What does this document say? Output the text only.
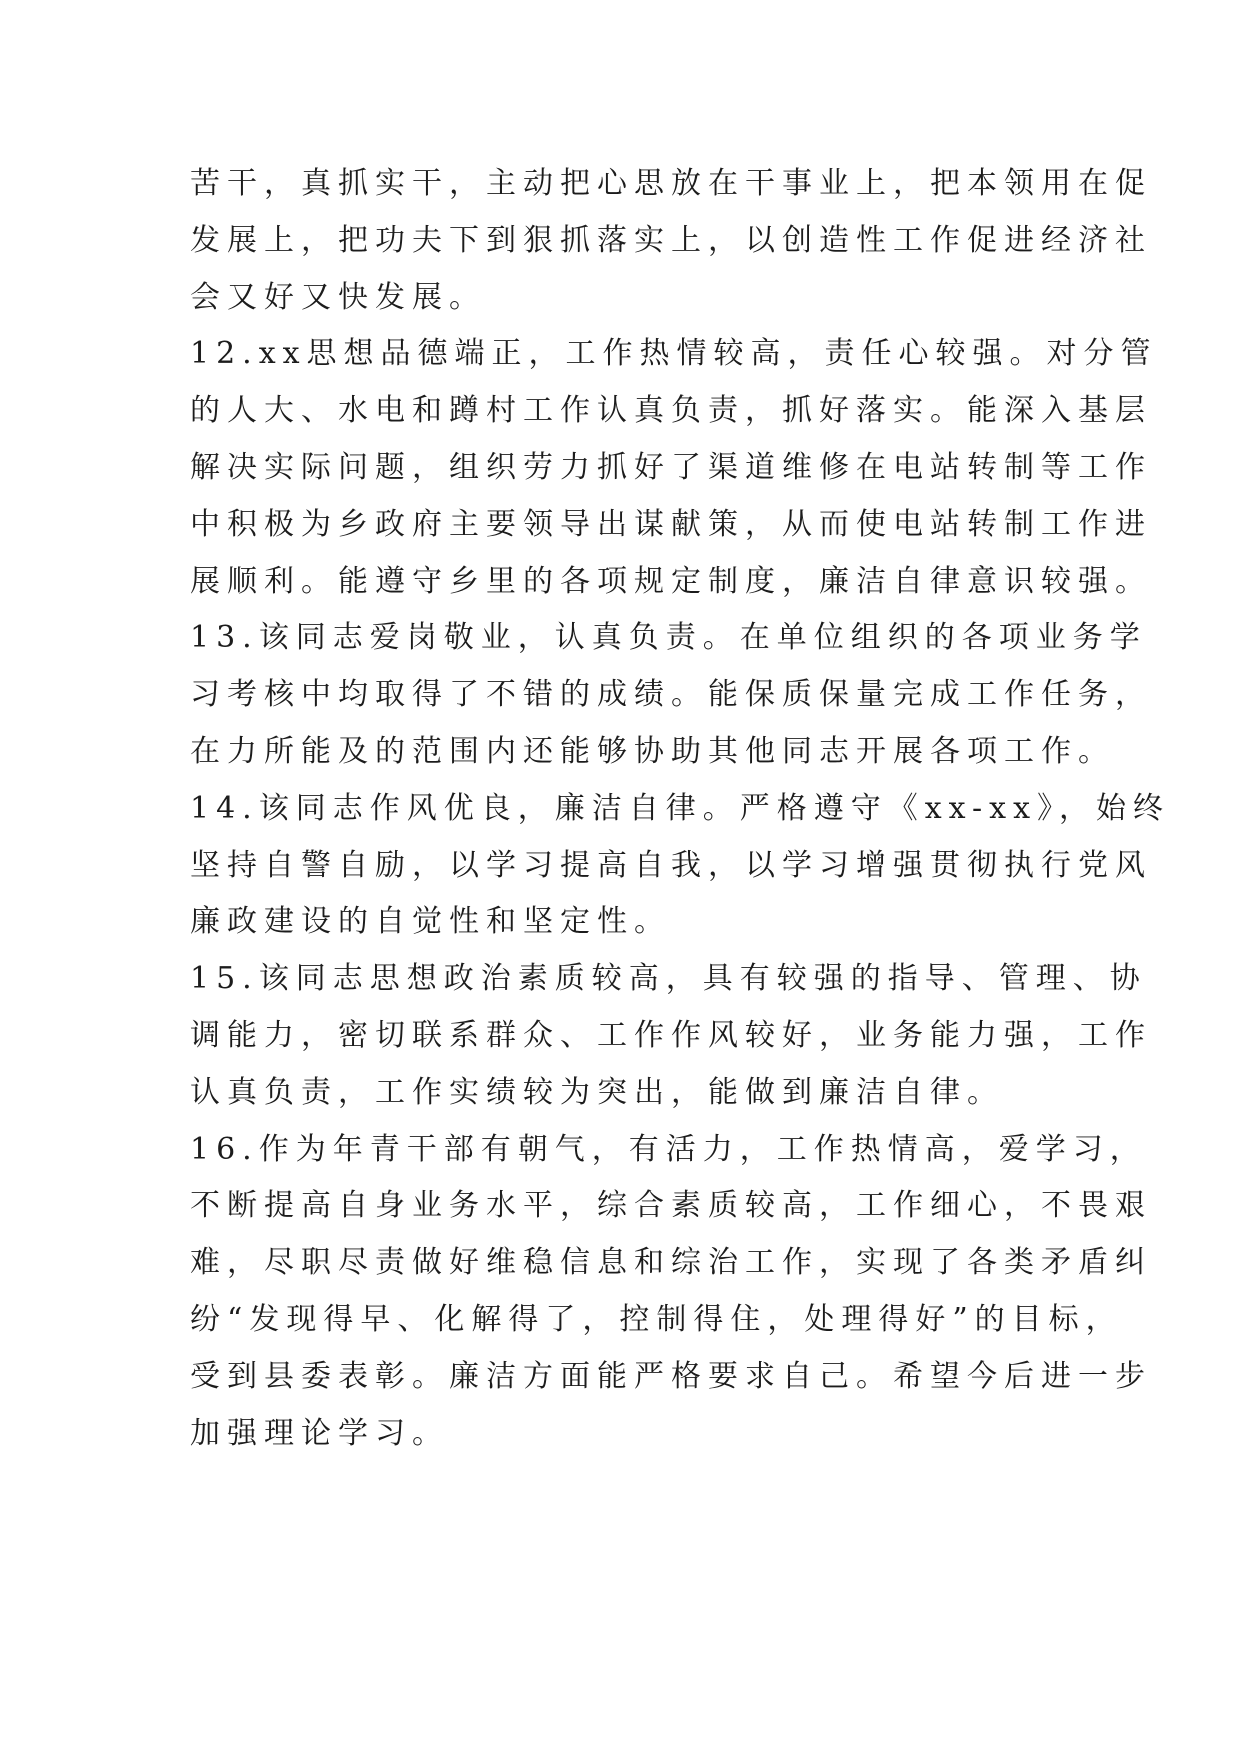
苦干，真抓实干，主动把心思放在干事业上，把本领用在促
发展上，把功夫下到狠抓落实上，以创造性工作促进经济社
会又好又快发展。
12.xx思想品德端正，工作热情较高，责任心较强。对分管
的人大、水电和蹲村工作认真负责，抓好落实。能深入基层
解决实际问题，组织劳力抓好了渠道维修在电站转制等工作
中积极为乡政府主要领导出谋献策，从而使电站转制工作进
展顺利。能遵守乡里的各项规定制度，廉洁自律意识较强。
13.该同志爱岗敬业，认真负责。在单位组织的各项业务学
习考核中均取得了不错的成绩。能保质保量完成工作任务，
在力所能及的范围内还能够协助其他同志开展各项工作。
14.该同志作风优良，廉洁自律。严格遵守《xx-xx》，始终
坚持自警自励，以学习提高自我，以学习增强贯彻执行党风
廉政建设的自觉性和坚定性。
15.该同志思想政治素质较高，具有较强的指导、管理、协
调能力，密切联系群众、工作作风较好，业务能力强，工作
认真负责，工作实绩较为突出，能做到廉洁自律。
16.作为年青干部有朝气，有活力，工作热情高，爱学习，
不断提高自身业务水平，综合素质较高，工作细心，不畏艰
难，尽职尽责做好维稳信息和综治工作，实现了各类矛盾纠
纷“发现得早、化解得了，控制得住，处理得好”的目标，
受到县委表彰。廉洁方面能严格要求自己。希望今后进一步
加强理论学习。
